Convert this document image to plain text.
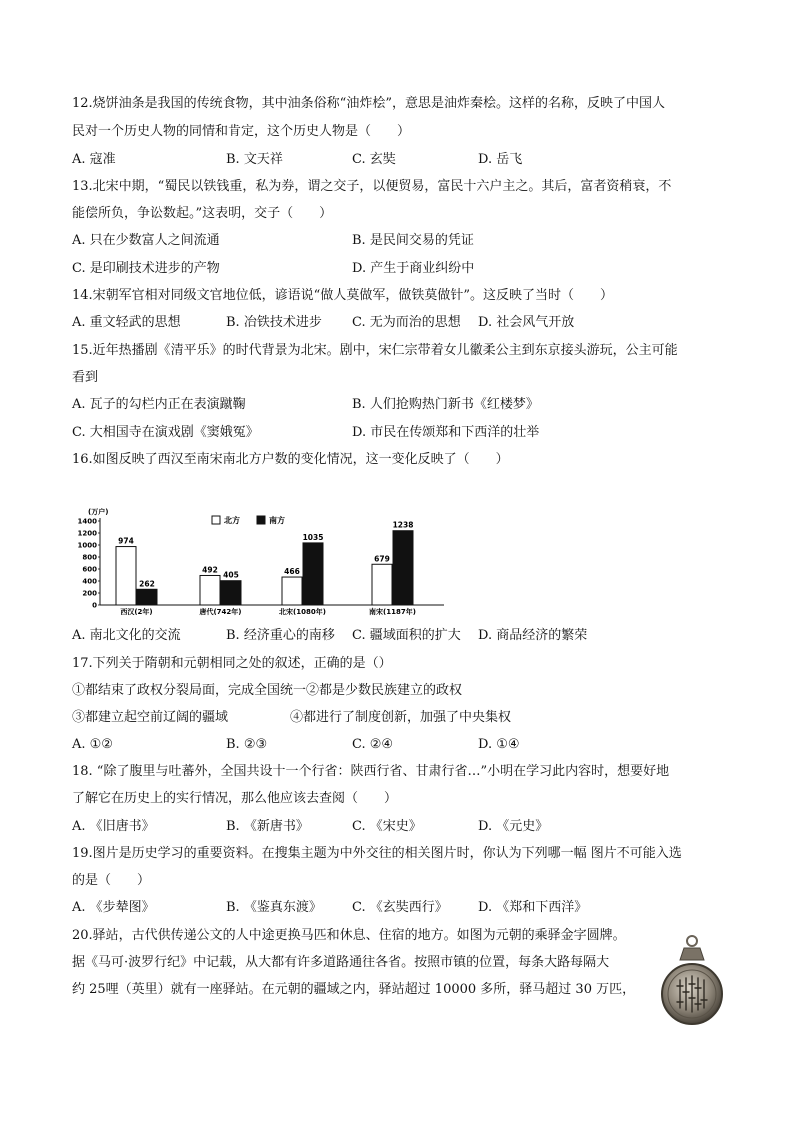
12.烧饼油条是我国的传统食物，其中油条俗称“油炸桧”，意思是油炸秦桧。这样的名称，反映了中国人
民对一个历史人物的同情和肯定，这个历史人物是（　　）
A. 寇准	B. 文天祥	C. 玄奘	D. 岳飞
13.北宋中期，“蜀民以铁钱重，私为券，谓之交子，以便贸易，富民十六户主之。其后，富者资稍衰，不
能偿所负，争讼数起。”这表明，交子（　　）
A. 只在少数富人之间流通	B. 是民间交易的凭证
C. 是印刷技术进步的产物	D. 产生于商业纠纷中
14.宋朝军官相对同级文官地位低，谚语说“做人莫做军，做铁莫做针”。这反映了当时（　　）
A. 重文轻武的思想	B. 冶铁技术进步 C. 无为而治的思想 D. 社会风气开放
15.近年热播剧《清平乐》的时代背景为北宋。剧中，宋仁宗带着女儿徽柔公主到东京接头游玩，公主可能
看到
A. 瓦子的勾栏内正在表演蹴鞠	B. 人们抢购热门新书《红楼梦》
C. 大相国寺在演戏剧《窦娥冤》	D. 市民在传颂郑和下西洋的壮举
16.如图反映了西汉至南宋南北方户数的变化情况，这一变化反映了（　　）
(万户)
0
200
400
600
800
1000
1200
1400
974
262
西汉(2年)
492
405
唐代(742年)
466
1035
北宋(1080年)
679
1238
南宋(1187年)
北方	南方
A. 南北文化的交流	B. 经济重心的南移 C. 疆域面积的扩大 D. 商品经济的繁荣
17.下列关于隋朝和元朝相同之处的叙述，正确的是（）
①都结束了政权分裂局面，完成全国统一②都是少数民族建立的政权
③都建立起空前辽阔的疆域	④都进行了制度创新，加强了中央集权
A. ①②	B. ②③	C. ②④	D. ①④
18. “除了腹里与吐蕃外，全国共设十一个行省：陕西行省、甘肃行省…”小明在学习此内容时，想要好地
了解它在历史上的实行情况，那么他应该去查阅（　　）
A. 《旧唐书》	B. 《新唐书》	C. 《宋史》	D. 《元史》
19.图片是历史学习的重要资料。在搜集主题为中外交往的相关图片时，你认为下列哪一幅 图片不可能入选
的是（　　）
A. 《步辇图》	B. 《鉴真东渡》 C. 《玄奘西行》 D. 《郑和下西洋》
20.驿站，古代供传递公文的人中途更换马匹和休息、住宿的地方。如图为元朝的乘驿金字圆牌。
据《马可·波罗行纪》中记载，从大都有许多道路通往各省。按照市镇的位置，每条大路每隔大
约 25哩（英里）就有一座驿站。在元朝的疆域之内，驿站超过 10000 多所，驿马超过 30 万匹，
